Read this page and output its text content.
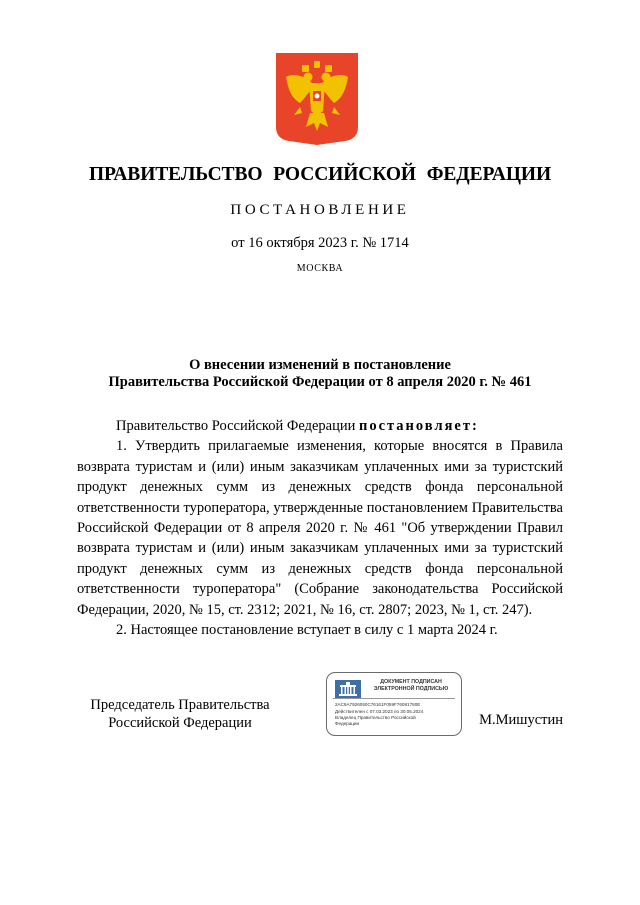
ПРАВИТЕЛЬСТВО РОССИЙСКОЙ ФЕДЕРАЦИИ
ПОСТАНОВЛЕНИЕ
от 16 октября 2023 г. № 1714
МОСКВА
О внесении изменений в постановление
Правительства Российской Федерации от 8 апреля 2020 г. № 461

Правительство Российской Федерации постановляет:

1. Утвердить прилагаемые изменения, которые вносятся в Правила возврата туристам и (или) иным заказчикам уплаченных ими за туристский продукт денежных сумм из денежных средств фонда персональной ответственности туроператора, утвержденные постановлением Правительства Российской Федерации от 8 апреля 2020 г. № 461 "Об утверждении Правил возврата туристам и (или) иным заказчикам уплаченных ими за туристский продукт денежных сумм из денежных средств фонда персональной ответственности туроператора" (Собрание законодательства Российской Федерации, 2020, № 15, ст. 2312; 2021, № 16, ст. 2807; 2023, № 1, ст. 247).

2. Настоящее постановление вступает в силу с 1 марта 2024 г.

Председатель Правительства
Российской Федерации
ДОКУМЕНТ ПОДПИСАН
ЭЛЕКТРОННОЙ ПОДПИСЬЮ
2AC9A7926050C76161F059F76081780E
Действителен с 07.03.2023 по 30.05.2024
Владелец Правительство Российской
Федерации	М.Мишустин
